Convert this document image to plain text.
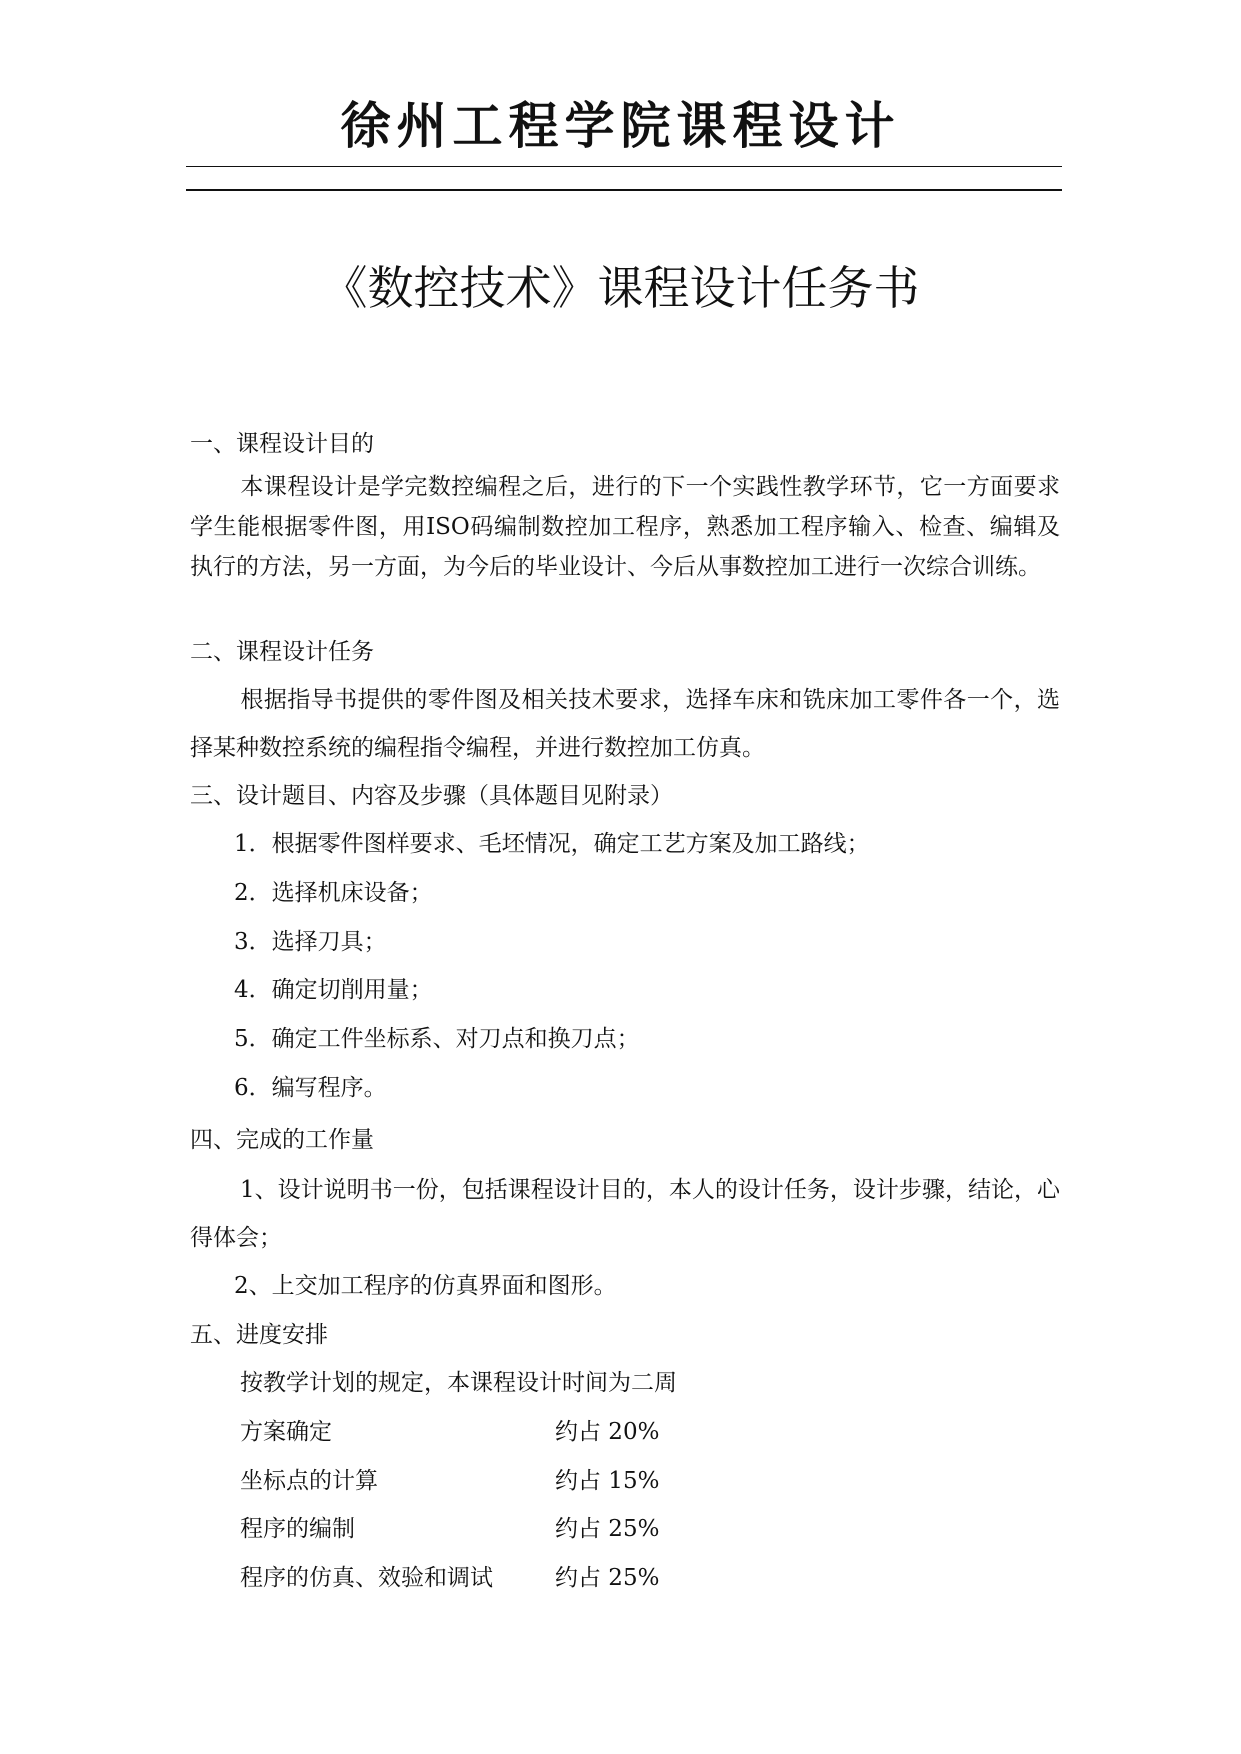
徐州工程学院课程设计
《数控技术》课程设计任务书
一、课程设计目的
本课程设计是学完数控编程之后，进行的下一个实践性教学环节，它一方面要求学生能根据零件图，用ISO码编制数控加工程序，熟悉加工程序输入、检查、编辑及执行的方法，另一方面，为今后的毕业设计、今后从事数控加工进行一次综合训练。
二、课程设计任务
根据指导书提供的零件图及相关技术要求，选择车床和铣床加工零件各一个，选择某种数控系统的编程指令编程，并进行数控加工仿真。
三、设计题目、内容及步骤（具体题目见附录）
1．根据零件图样要求、毛坯情况，确定工艺方案及加工路线；
2．选择机床设备；
3．选择刀具；
4．确定切削用量；
5．确定工件坐标系、对刀点和换刀点；
6．编写程序。
四、完成的工作量
1、设计说明书一份，包括课程设计目的，本人的设计任务，设计步骤，结论，心得体会；
2、上交加工程序的仿真界面和图形。
五、进度安排
按教学计划的规定，本课程设计时间为二周
方案确定	约占 20%
坐标点的计算	约占 15%
程序的编制	约占 25%
程序的仿真、效验和调试	约占 25%
